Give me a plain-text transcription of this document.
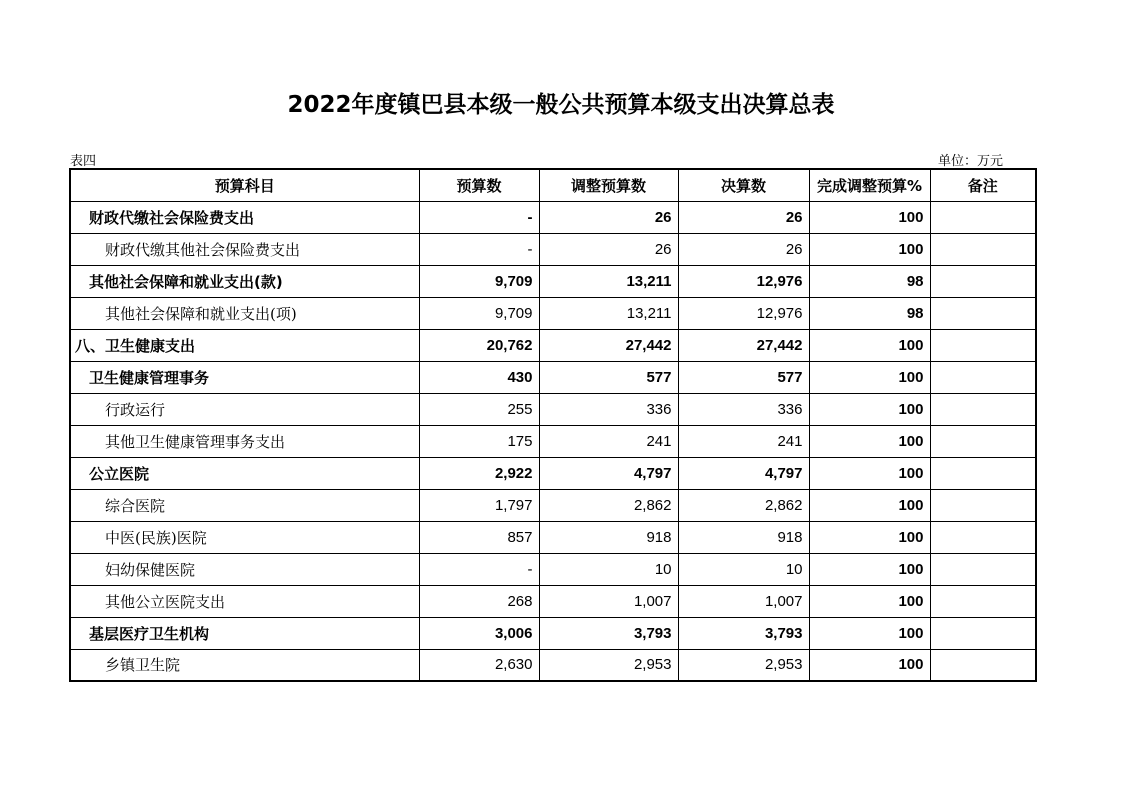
2022年度镇巴县本级一般公共预算本级支出决算总表
表四	单位：万元
预算科目	预算数	调整预算数	决算数	完成调整预算%	备注
财政代缴社会保险费支出	-	26	26	100	
财政代缴其他社会保险费支出	-	26	26	100	
其他社会保障和就业支出(款)	9,709	13,211	12,976	98	
其他社会保障和就业支出(项)	9,709	13,211	12,976	98	
八、卫生健康支出	20,762	27,442	27,442	100	
卫生健康管理事务	430	577	577	100	
行政运行	255	336	336	100	
其他卫生健康管理事务支出	175	241	241	100	
公立医院	2,922	4,797	4,797	100	
综合医院	1,797	2,862	2,862	100	
中医(民族)医院	857	918	918	100	
妇幼保健医院	-	10	10	100	
其他公立医院支出	268	1,007	1,007	100	
基层医疗卫生机构	3,006	3,793	3,793	100	
乡镇卫生院	2,630	2,953	2,953	100	
